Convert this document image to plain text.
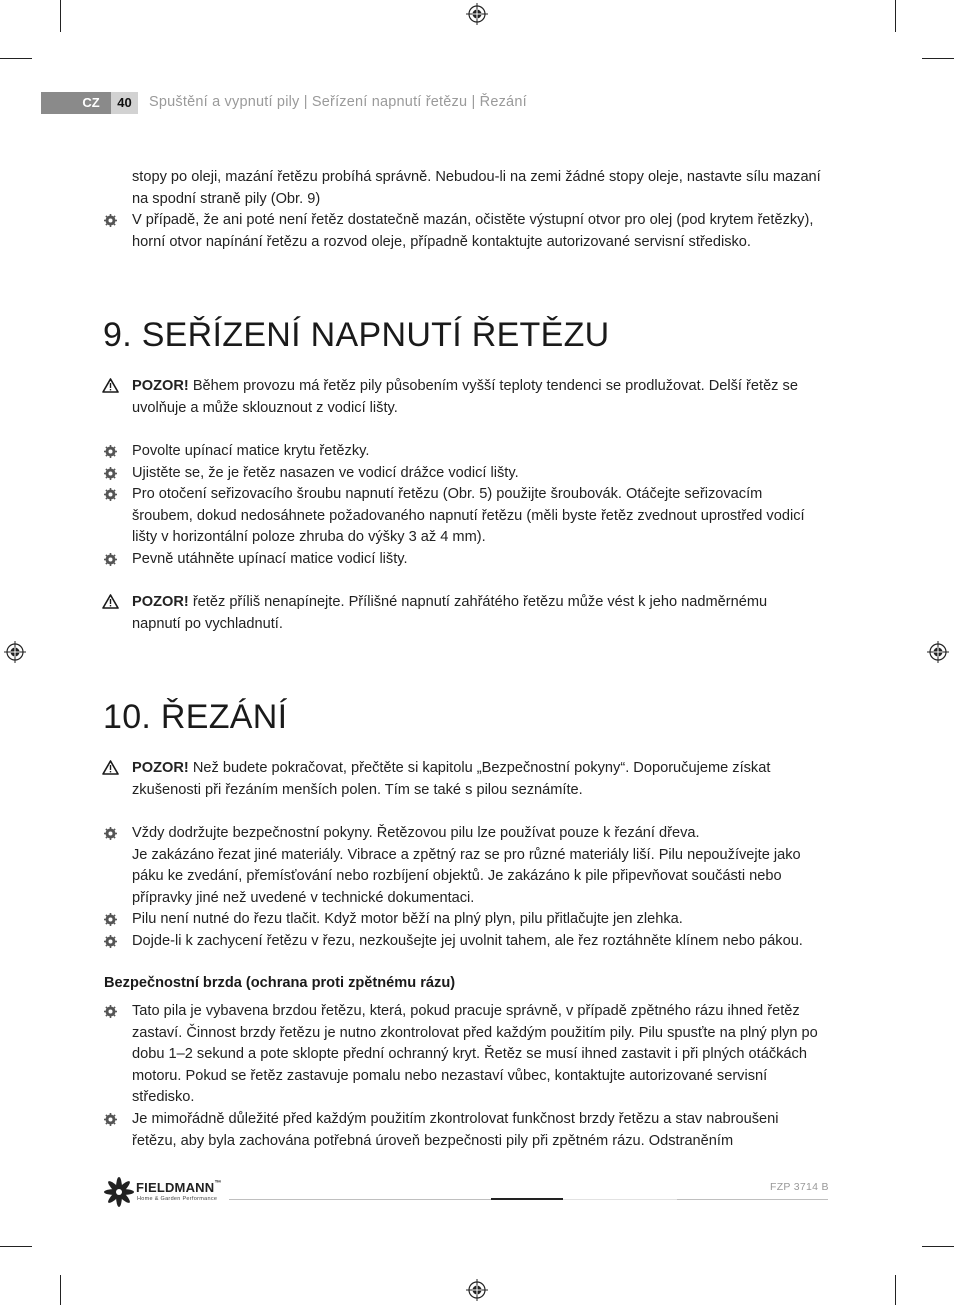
CZ	40	Spuštění a vypnutí pily | Seřízení napnutí řetězu | Řezání
stopy po oleji, mazání řetězu probíhá správně. Nebudou-li na zemi žádné stopy oleje, nastavte sílu mazaní
na spodní straně pily (Obr. 9)
V případě, že ani poté není řetěz dostatečně mazán, očistěte výstupní otvor pro olej (pod krytem řetězky),
horní otvor napínání řetězu a rozvod oleje, případně kontaktujte autorizované servisní středisko.
9. SEŘÍZENÍ NAPNUTÍ ŘETĚZU
POZOR! Během provozu má řetěz pily působením vyšší teploty tendenci se prodlužovat. Delší řetěz se
uvolňuje a může sklouznout z vodicí lišty.
Povolte upínací matice krytu řetězky.
Ujistěte se, že je řetěz nasazen ve vodicí drážce vodicí lišty.
Pro otočení seřizovacího šroubu napnutí řetězu (Obr. 5) použijte šroubovák. Otáčejte seřizovacím
šroubem, dokud nedosáhnete požadovaného napnutí řetězu (měli byste řetěz zvednout uprostřed vodicí
lišty v horizontální poloze zhruba do výšky 3 až 4 mm).
Pevně utáhněte upínací matice vodicí lišty.
POZOR! řetěz příliš nenapínejte. Přílišné napnutí zahřátého řetězu může vést k jeho nadměrnému
napnutí po vychladnutí.
10. ŘEZÁNÍ
POZOR! Než budete pokračovat, přečtěte si kapitolu „Bezpečnostní pokyny“. Doporučujeme získat
zkušenosti při řezáním menších polen. Tím se také s pilou seznámíte.
Vždy dodržujte bezpečnostní pokyny. Řetězovou pilu lze používat pouze k řezání dřeva.
Je zakázáno řezat jiné materiály. Vibrace a zpětný raz se pro různé materiály liší. Pilu nepoužívejte jako
páku ke zvedání, přemísťování nebo rozbíjení objektů. Je zakázáno k pile připevňovat součásti nebo
přípravky jiné než uvedené v technické dokumentaci.
Pilu není nutné do řezu tlačit. Když motor běží na plný plyn, pilu přitlačujte jen zlehka.
Dojde-li k zachycení řetězu v řezu, nezkoušejte jej uvolnit tahem, ale řez roztáhněte klínem nebo pákou.
Bezpečnostní brzda (ochrana proti zpětnému rázu)
Tato pila je vybavena brzdou řetězu, která, pokud pracuje správně, v případě zpětného rázu ihned řetěz
zastaví. Činnost brzdy řetězu je nutno zkontrolovat před každým použitím pily. Pilu spusťte na plný plyn po
dobu 1–2 sekund a pote sklopte přední ochranný kryt. Řetěz se musí ihned zastavit i při plných otáčkách
motoru. Pokud se řetěz zastavuje pomalu nebo nezastaví vůbec, kontaktujte autorizované servisní
středisko.
Je mimořádně důležité před každým použitím zkontrolovat funkčnost brzdy řetězu a stav nabroušeni
řetězu, aby byla zachována potřebná úroveň bezpečnosti pily při zpětném rázu. Odstraněním
FIELDMANN™
Home & Garden Performance
FZP 3714 B
